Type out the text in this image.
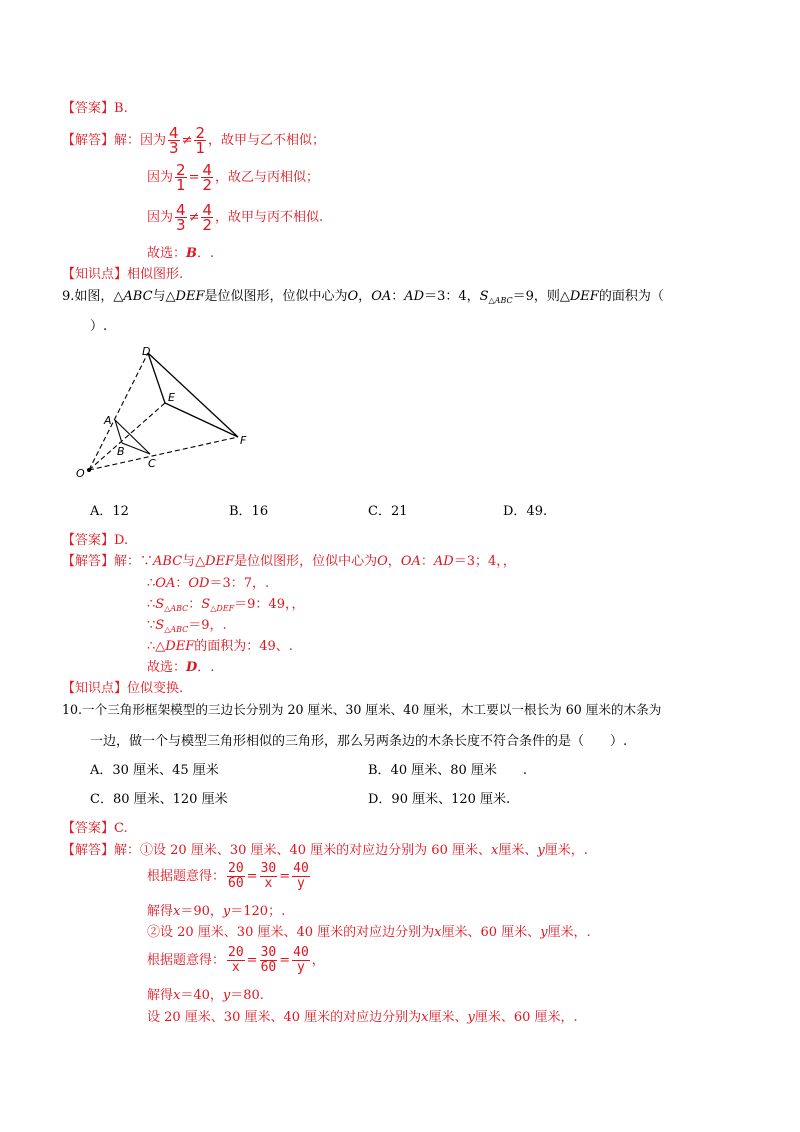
【答案】B.
【解答】解：因为 $\frac{4}{3} \ne \frac{2}{1}$ ，故甲与乙不相似；
因为 $\frac{2}{1} = \frac{4}{2}$ ，故乙与丙相似；
因为 $\frac{4}{3} \ne \frac{4}{2}$ ，故甲与丙不相似.
故选：B．.
【知识点】相似图形.
9.如图，△ABC与△DEF是位似图形，位似中心为O，OA：AD＝3：4，$S_{\triangle ABC}=9$，则△DEF的面积为（
）.
D
E
A
B
C
F
O
A．12	B．16	C．21	D．49.
【答案】D.
【解答】解：∵ABC与△DEF是位似图形，位似中心为O，OA：AD＝3；4，，
∴OA：OD＝3：7，.
$\therefore S_{\triangle ABC}$：$S_{\triangle DEF}=9$：49，，
$\because S_{\triangle ABC}=9$，.
∴△DEF的面积为：49、.
故选：D．.
【知识点】位似变换.
10.一个三角形框架模型的三边长分别为 20 厘米、30 厘米、40 厘米，木工要以一根长为 60 厘米的木条为
一边，做一个与模型三角形相似的三角形，那么另两条边的木条长度不符合条件的是（　　）.
A．30 厘米、45 厘米	B．40 厘米、80 厘米　　.
C．80 厘米、120 厘米	D．90 厘米、120 厘米.
【答案】C.
【解答】解：①设 20 厘米、30 厘米、40 厘米的对应边分别为 60 厘米、x厘米、y厘米，.
根据题意得： $\frac{20}{60} = \frac{30}{x} = \frac{40}{y}$
解得x＝90，y＝120；.
②设 20 厘米、30 厘米、40 厘米的对应边分别为x厘米、60 厘米、y厘米，.
根据题意得： $\frac{20}{x} = \frac{30}{60} = \frac{40}{y}$ ，
解得x＝40，y＝80.
设 20 厘米、30 厘米、40 厘米的对应边分别为x厘米、y厘米、60 厘米，.
